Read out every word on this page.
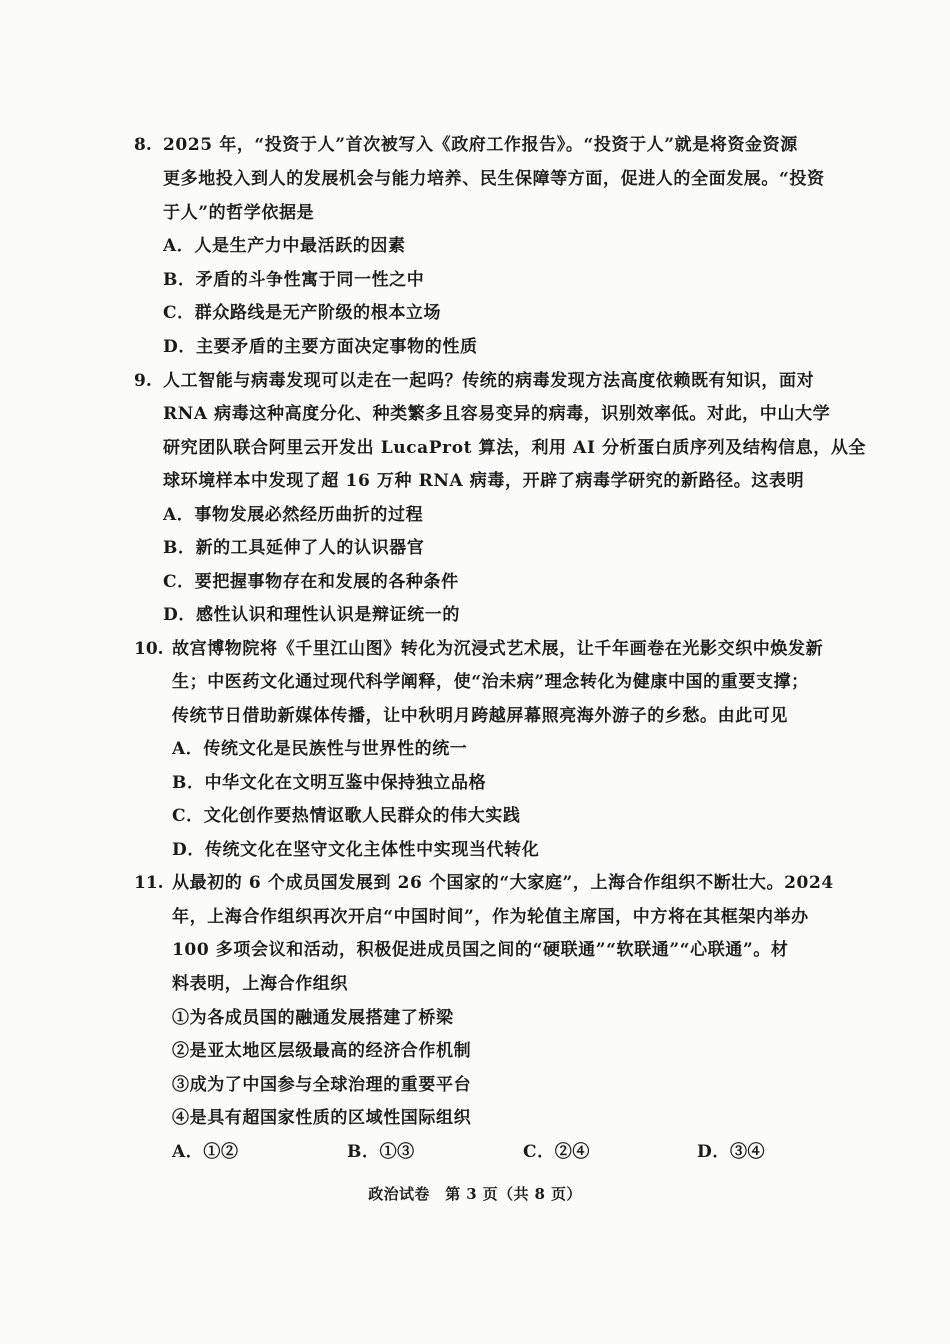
8. 2025 年，“投资于人”首次被写入《政府工作报告》。“投资于人”就是将资金资源
更多地投入到人的发展机会与能力培养、民生保障等方面，促进人的全面发展。“投资
于人”的哲学依据是
A．人是生产力中最活跃的因素
B．矛盾的斗争性寓于同一性之中
C．群众路线是无产阶级的根本立场
D．主要矛盾的主要方面决定事物的性质
9. 人工智能与病毒发现可以走在一起吗？传统的病毒发现方法高度依赖既有知识，面对
RNA 病毒这种高度分化、种类繁多且容易变异的病毒，识别效率低。对此，中山大学
研究团队联合阿里云开发出 LucaProt 算法，利用 AI 分析蛋白质序列及结构信息，从全
球环境样本中发现了超 16 万种 RNA 病毒，开辟了病毒学研究的新路径。这表明
A．事物发展必然经历曲折的过程
B．新的工具延伸了人的认识器官
C．要把握事物存在和发展的各种条件
D．感性认识和理性认识是辩证统一的
10. 故宫博物院将《千里江山图》转化为沉浸式艺术展，让千年画卷在光影交织中焕发新
生；中医药文化通过现代科学阐释，使“治未病”理念转化为健康中国的重要支撑；
传统节日借助新媒体传播，让中秋明月跨越屏幕照亮海外游子的乡愁。由此可见
A．传统文化是民族性与世界性的统一
B．中华文化在文明互鉴中保持独立品格
C．文化创作要热情讴歌人民群众的伟大实践
D．传统文化在坚守文化主体性中实现当代转化
11. 从最初的 6 个成员国发展到 26 个国家的“大家庭”，上海合作组织不断壮大。2024
年，上海合作组织再次开启“中国时间”，作为轮值主席国，中方将在其框架内举办
100 多项会议和活动，积极促进成员国之间的“硬联通”“软联通”“心联通”。材
料表明，上海合作组织
①为各成员国的融通发展搭建了桥梁
②是亚太地区层级最高的经济合作机制
③成为了中国参与全球治理的重要平台
④是具有超国家性质的区域性国际组织
A．①②	B．①③	C．②④	D．③④
政治试卷　第 3 页（共 8 页）
